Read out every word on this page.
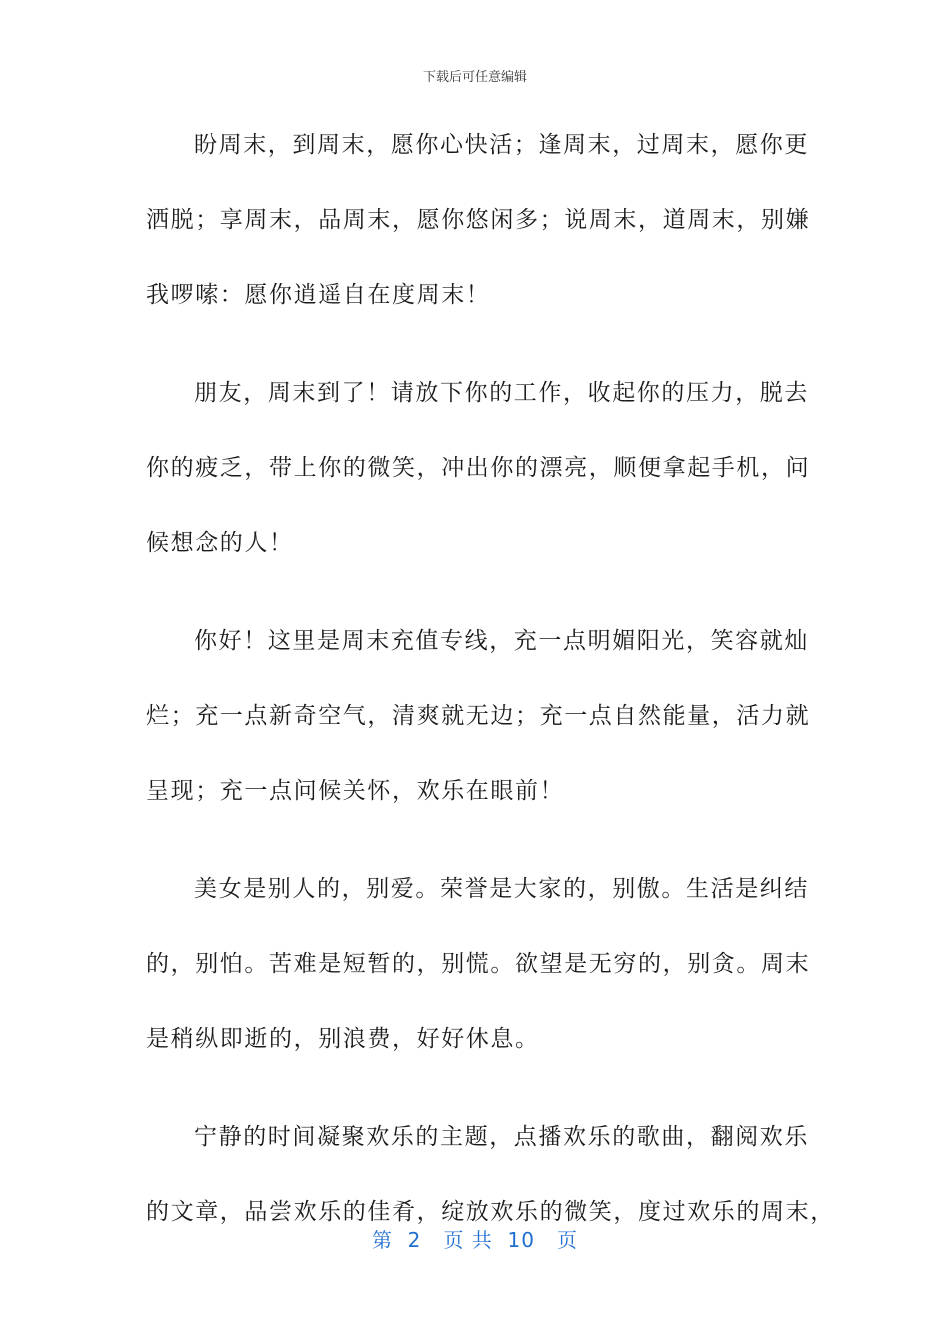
下载后可任意编辑
盼周末，到周末，愿你心快活；逢周末，过周末，愿你更
洒脱；享周末，品周末，愿你悠闲多；说周末，道周末，别嫌
我啰嗦：愿你逍遥自在度周末！
朋友，周末到了！请放下你的工作，收起你的压力，脱去
你的疲乏，带上你的微笑，冲出你的漂亮，顺便拿起手机，问
候想念的人！
你好！这里是周末充值专线，充一点明媚阳光，笑容就灿
烂；充一点新奇空气，清爽就无边；充一点自然能量，活力就
呈现；充一点问候关怀，欢乐在眼前！
美女是别人的，别爱。荣誉是大家的，别傲。生活是纠结
的，别怕。苦难是短暂的，别慌。欲望是无穷的，别贪。周末
是稍纵即逝的，别浪费，好好休息。
宁静的时间凝聚欢乐的主题，点播欢乐的歌曲，翻阅欢乐
的文章，品尝欢乐的佳肴，绽放欢乐的微笑，度过欢乐的周末，
第  2   页 共  10   页
